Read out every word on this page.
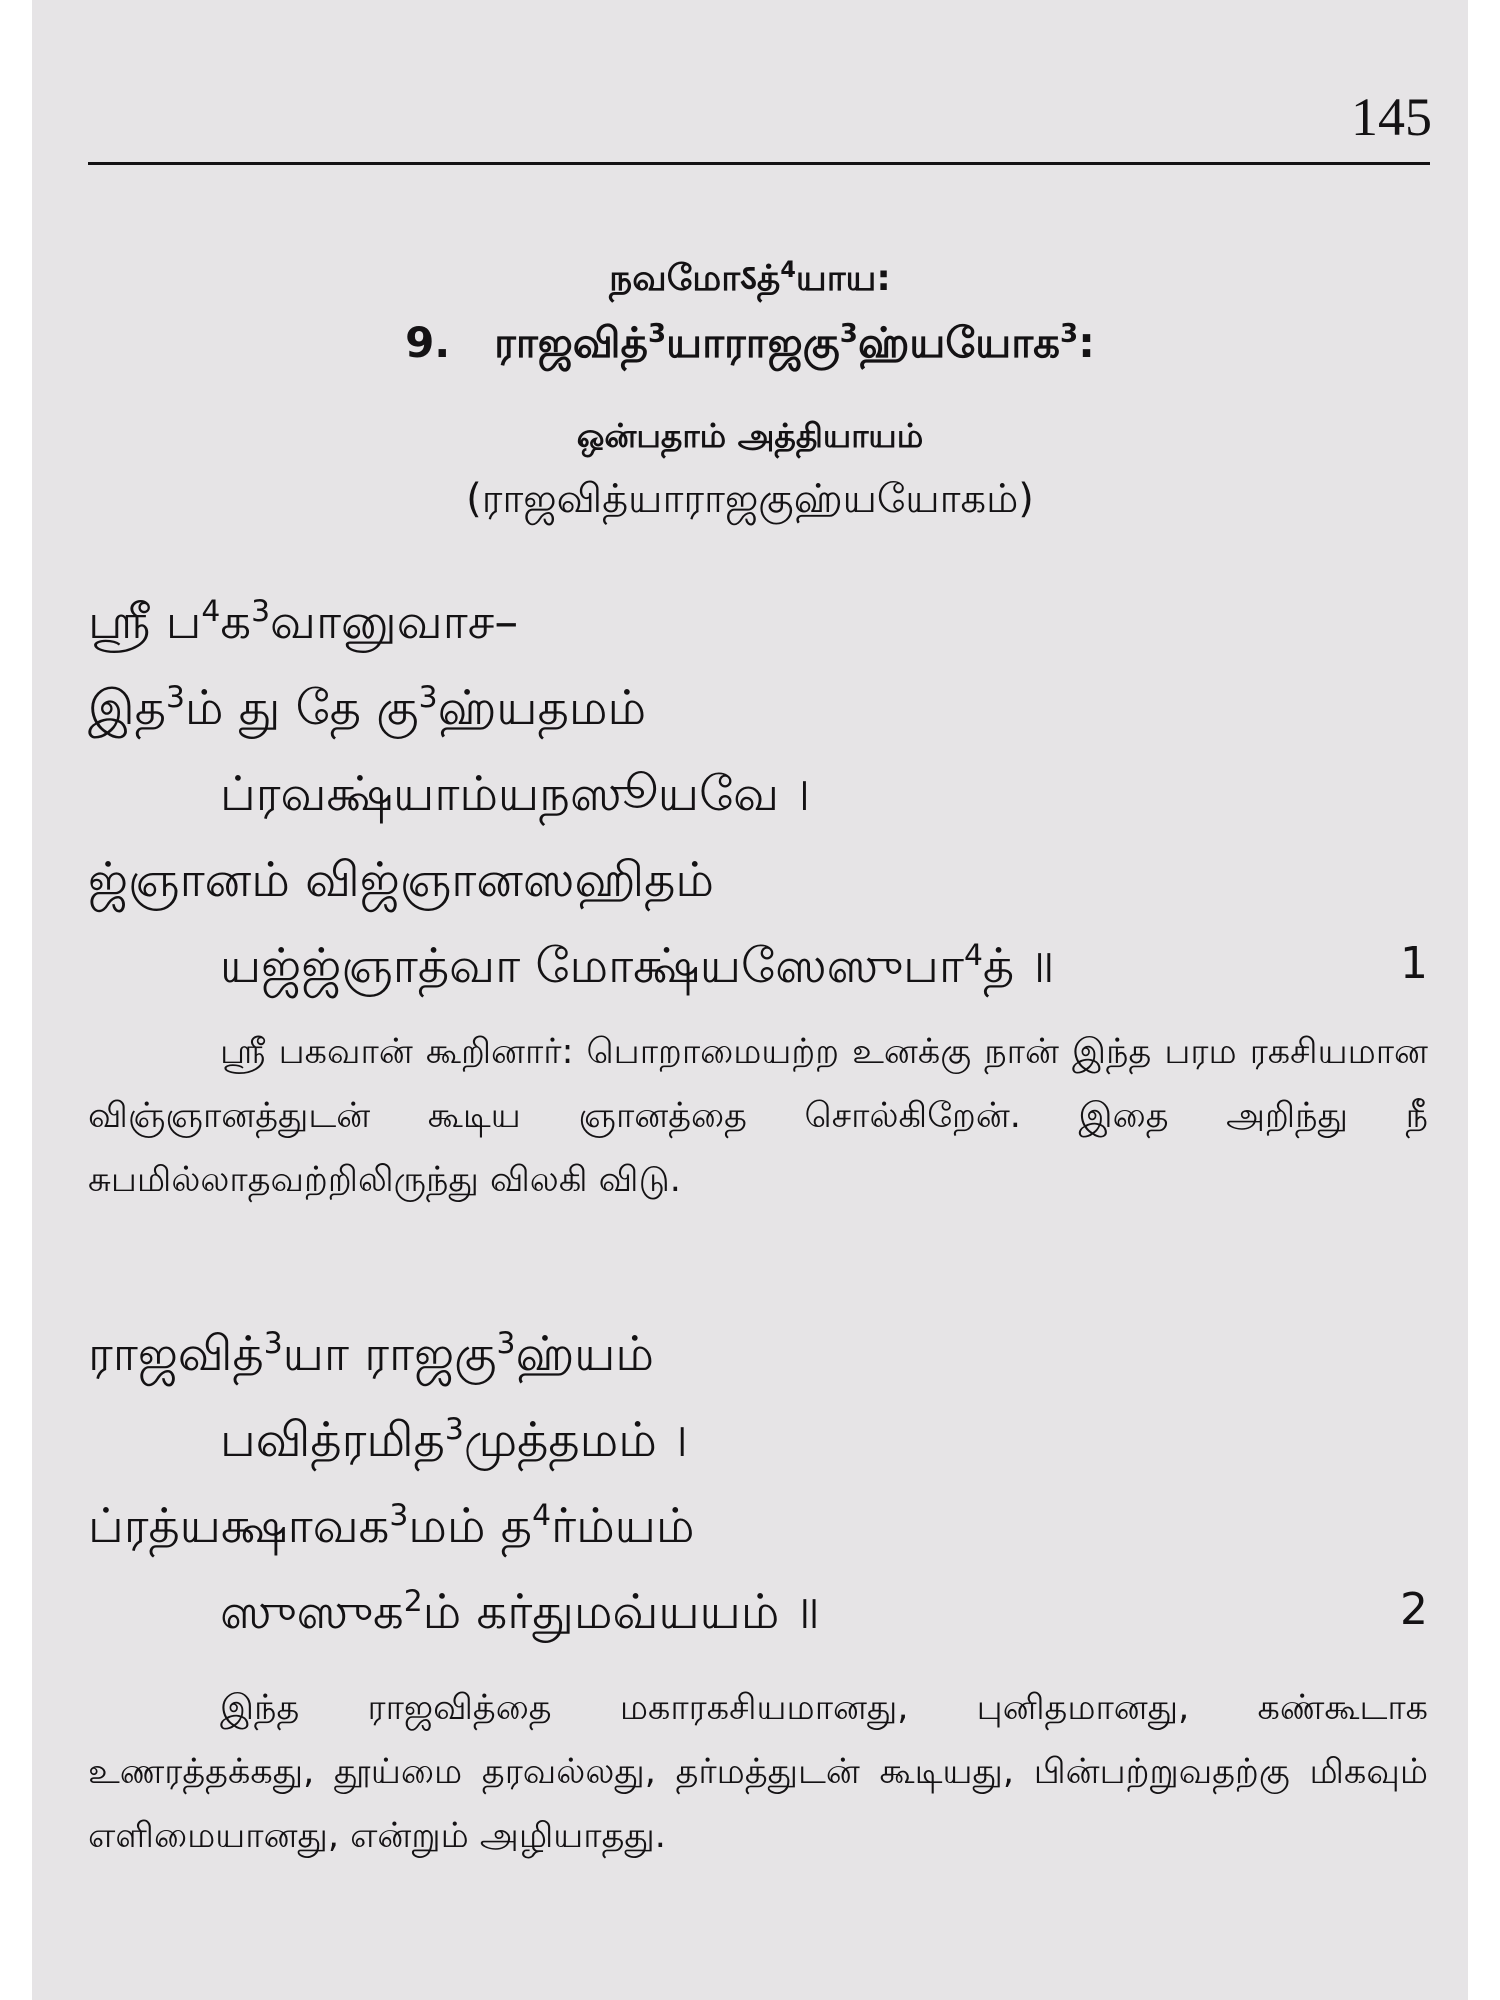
145
நவமோऽத்$^4$யாய:
9. ராஜவித்$^3$யாராஜகு$^3$ஹ்யயோக$^3$:
ஒன்பதாம் அத்தியாயம்
(ராஜவித்யாராஜகுஹ்யயோகம்)
ஸ்ரீ ப$^4$க$^3$வானுவாச–
இத$^3$ம் து தே கு$^3$ஹ்யதமம்
ப்ரவக்ஷ்யாம்யநஸூயவே ।
ஜ்ஞானம் விஜ்ஞானஸஹிதம்
யஜ்ஜ்ஞாத்வா மோக்ஷ்யஸேஸுபா$^4$த் ॥	1

ஸ்ரீ பகவான் கூறினார்: பொறாமையற்ற உனக்கு நான் இந்த பரம ரகசியமான விஞ்ஞானத்துடன் கூடிய ஞானத்தை சொல்கிறேன். இதை அறிந்து நீ சுபமில்லாதவற்றிலிருந்து விலகி விடு.

ராஜவித்$^3$யா ராஜகு$^3$ஹ்யம்
பவித்ரமித$^3$முத்தமம் ।
ப்ரத்யக்ஷாவக$^3$மம் த$^4$ர்ம்யம்
ஸுஸுக$^2$ம் கர்துமவ்யயம் ॥	2

இந்த ராஜவித்தை மகாரகசியமானது, புனிதமானது, கண்கூடாக உணரத்தக்கது, தூய்மை தரவல்லது, தர்மத்துடன் கூடியது, பின்பற்றுவதற்கு மிகவும் எளிமையானது, என்றும் அழியாதது.
